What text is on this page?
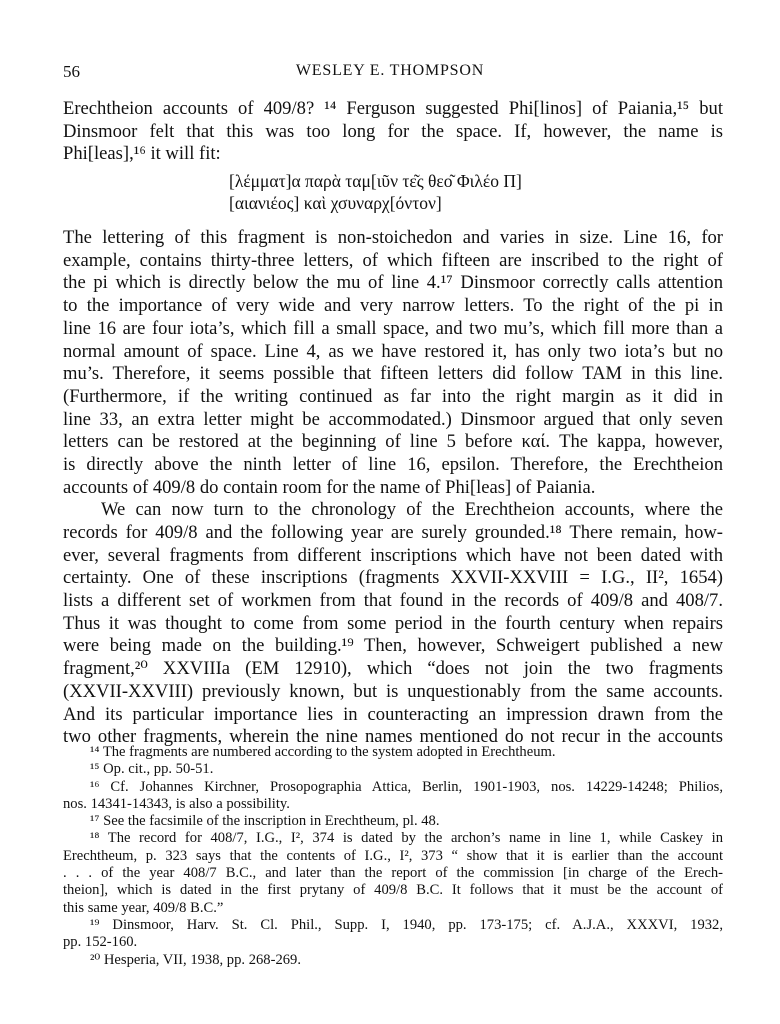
56	WESLEY E. THOMPSON
Erechtheion accounts of 409/8? ¹⁴ Ferguson suggested Phi[linos] of Paiania,¹⁵ but
Dinsmoor felt that this was too long for the space. If, however, the name is
Phi[leas],¹⁶ it will fit:
[λέμματ]α παρὰ ταμ[ιῦν τε͂ς θεο͂ Φιλέο Π]
[αιανιέος] καὶ χσυναρχ[όντον]
The lettering of this fragment is non-stoichedon and varies in size. Line 16, for
example, contains thirty-three letters, of which fifteen are inscribed to the right of
the pi which is directly below the mu of line 4.¹⁷ Dinsmoor correctly calls attention
to the importance of very wide and very narrow letters. To the right of the pi in
line 16 are four iota’s, which fill a small space, and two mu’s, which fill more than a
normal amount of space. Line 4, as we have restored it, has only two iota’s but no
mu’s. Therefore, it seems possible that fifteen letters did follow TAM in this line.
(Furthermore, if the writing continued as far into the right margin as it did in
line 33, an extra letter might be accommodated.) Dinsmoor argued that only seven
letters can be restored at the beginning of line 5 before καί. The kappa, however,
is directly above the ninth letter of line 16, epsilon. Therefore, the Erechtheion
accounts of 409/8 do contain room for the name of Phi[leas] of Paiania.
We can now turn to the chronology of the Erechtheion accounts, where the
records for 409/8 and the following year are surely grounded.¹⁸ There remain, how-
ever, several fragments from different inscriptions which have not been dated with
certainty. One of these inscriptions (fragments XXVII-XXVIII = I.G., II², 1654)
lists a different set of workmen from that found in the records of 409/8 and 408/7.
Thus it was thought to come from some period in the fourth century when repairs
were being made on the building.¹⁹ Then, however, Schweigert published a new
fragment,²⁰ XXVIIIa (EM 12910), which “does not join the two fragments
(XXVII-XXVIII) previously known, but is unquestionably from the same accounts.
And its particular importance lies in counteracting an impression drawn from the
two other fragments, wherein the nine names mentioned do not recur in the accounts
¹⁴ The fragments are numbered according to the system adopted in Erechtheum.
¹⁵ Op. cit., pp. 50-51.
¹⁶ Cf. Johannes Kirchner, Prosopographia Attica, Berlin, 1901-1903, nos. 14229-14248; Philios,
nos. 14341-14343, is also a possibility.
¹⁷ See the facsimile of the inscription in Erechtheum, pl. 48.
¹⁸ The record for 408/7, I.G., I², 374 is dated by the archon’s name in line 1, while Caskey in
Erechtheum, p. 323 says that the contents of I.G., I², 373 “ show that it is earlier than the account
. . . of the year 408/7 B.C., and later than the report of the commission [in charge of the Erech-
theion], which is dated in the first prytany of 409/8 B.C. It follows that it must be the account of
this same year, 409/8 B.C.”
¹⁹ Dinsmoor, Harv. St. Cl. Phil., Supp. I, 1940, pp. 173-175; cf. A.J.A., XXXVI, 1932,
pp. 152-160.
²⁰ Hesperia, VII, 1938, pp. 268-269.
